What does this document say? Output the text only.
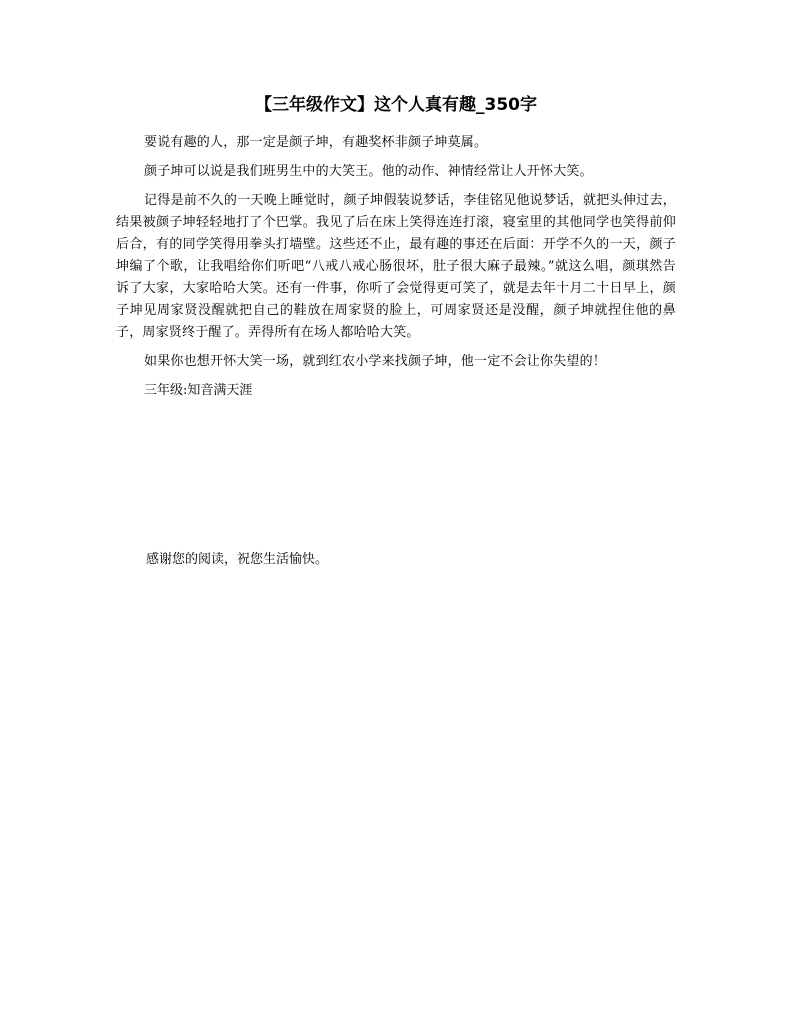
【三年级作文】这个人真有趣_350字

要说有趣的人，那一定是颜子坤，有趣奖杯非颜子坤莫属。

颜子坤可以说是我们班男生中的大笑王。他的动作、神情经常让人开怀大笑。

记得是前不久的一天晚上睡觉时，颜子坤假装说梦话，李佳铭见他说梦话，就把头伸过去，结果被颜子坤轻轻地打了个巴掌。我见了后在床上笑得连连打滚，寝室里的其他同学也笑得前仰后合，有的同学笑得用拳头打墙壁。这些还不止，最有趣的事还在后面：开学不久的一天，颜子坤编了个歌，让我唱给你们听吧“八戒八戒心肠很坏，肚子很大麻子最辣。”就这么唱，颜琪然告诉了大家，大家哈哈大笑。还有一件事，你听了会觉得更可笑了，就是去年十月二十日早上，颜子坤见周家贤没醒就把自己的鞋放在周家贤的脸上，可周家贤还是没醒，颜子坤就捏住他的鼻子，周家贤终于醒了。弄得所有在场人都哈哈大笑。

如果你也想开怀大笑一场，就到红农小学来找颜子坤，他一定不会让你失望的！

三年级:知音满天涯

感谢您的阅读，祝您生活愉快。
